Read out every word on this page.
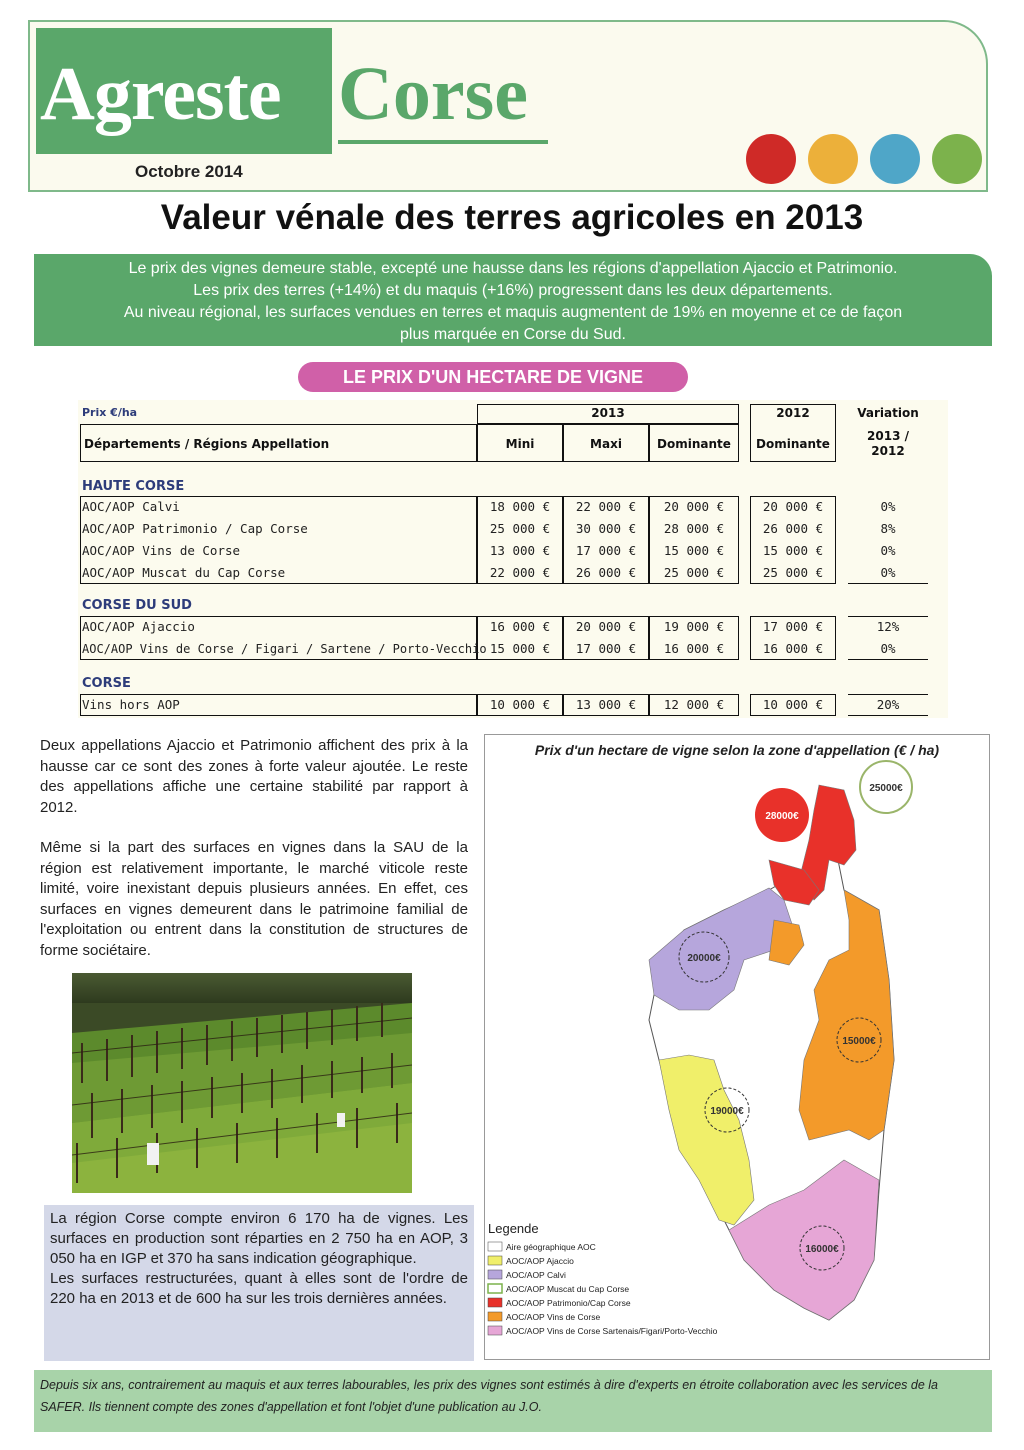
Agreste Corse
Octobre 2014
Valeur vénale des terres agricoles en 2013
Le prix des vignes demeure stable, excepté une hausse dans les régions d'appellation Ajaccio et Patrimonio.
Les prix des terres (+14%) et du maquis (+16%) progressent dans les deux départements.
Au niveau régional, les surfaces vendues en terres et maquis augmentent de 19% en moyenne et ce de façon
plus marquée en Corse du Sud.
LE PRIX D'UN HECTARE DE VIGNE
Prix €/ha	2013	2012	Variation
Départements / Régions Appellation	Mini	Maxi	Dominante	Dominante
2013 /
2012
HAUTE CORSE
AOC/AOP Calvi	18 000 €	22 000 €	20 000 €	20 000 €	0%
AOC/AOP Patrimonio / Cap Corse	25 000 €	30 000 €	28 000 €	26 000 €	8%
AOC/AOP Vins de Corse	13 000 €	17 000 €	15 000 €	15 000 €	0%
AOC/AOP Muscat du Cap Corse	22 000 €	26 000 €	25 000 €	25 000 €	0%
CORSE DU SUD
AOC/AOP Ajaccio	16 000 €	20 000 €	19 000 €	17 000 €	12%
AOC/AOP Vins de Corse / Figari / Sartene / Porto-Vecchio 15 000 €	17 000 €	16 000 €	16 000 €	0%
CORSE
Vins hors AOP	10 000 €	13 000 €	12 000 €	10 000 €	20%
Deux appellations Ajaccio et Patrimonio affichent des prix à la hausse car ce sont des zones à forte valeur ajoutée. Le reste des appellations affiche une certaine stabilité par rapport à 2012.
Même si la part des surfaces en vignes dans la SAU de la région est relativement importante, le marché viticole reste limité, voire inexistant depuis plusieurs années. En effet, ces surfaces en vignes demeurent dans le patrimoine familial de l'exploitation ou entrent dans la constitution de structures de forme sociétaire.
La région Corse compte environ 6 170 ha de vignes. Les surfaces en production sont réparties en 2 750 ha en AOP, 3 050 ha en IGP et 370 ha sans indication géographique.
Les surfaces restructurées, quant à elles sont de l'ordre de 220 ha en 2013 et de 600 ha sur les trois dernières années.
Prix d'un hectare de vigne selon la zone d'appellation (€ / ha)
28000€
25000€
20000€
15000€
19000€
16000€
Legende
Aire géographique AOC
AOC/AOP Ajaccio
AOC/AOP Calvi
AOC/AOP Muscat du Cap Corse
AOC/AOP Patrimonio/Cap Corse
AOC/AOP Vins de Corse
AOC/AOP Vins de Corse Sartenais/Figari/Porto-Vecchio
Depuis six ans, contrairement au maquis et aux terres labourables, les prix des vignes sont estimés à dire d'experts en étroite collaboration avec les services de la SAFER. Ils tiennent compte des zones d'appellation et font l'objet d'une publication au J.O.
